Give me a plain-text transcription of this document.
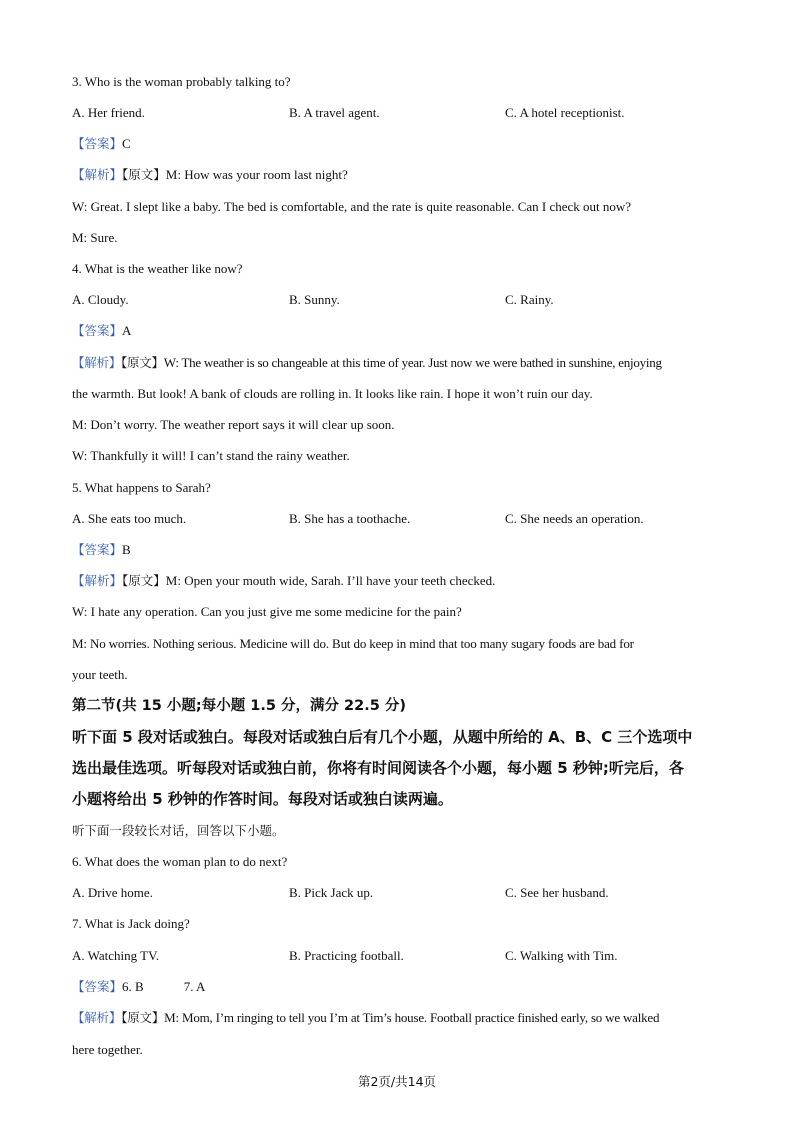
3. Who is the woman probably talking to?
A. Her friend.	B. A travel agent.	C. A hotel receptionist.
【答案】C
【解析】【原文】M: How was your room last night?
W: Great. I slept like a baby. The bed is comfortable, and the rate is quite reasonable. Can I check out now?
M: Sure.
4. What is the weather like now?
A. Cloudy.	B. Sunny.	C. Rainy.
【答案】A
【解析】【原文】W: The weather is so changeable at this time of year. Just now we were bathed in sunshine, enjoying
the warmth. But look! A bank of clouds are rolling in. It looks like rain. I hope it won’t ruin our day.
M: Don’t worry. The weather report says it will clear up soon.
W: Thankfully it will! I can’t stand the rainy weather.
5. What happens to Sarah?
A. She eats too much.	B. She has a toothache.	C. She needs an operation.
【答案】B
【解析】【原文】M: Open your mouth wide, Sarah. I’ll have your teeth checked.
W: I hate any operation. Can you just give me some medicine for the pain?
M: No worries. Nothing serious. Medicine will do. But do keep in mind that too many sugary foods are bad for
your teeth.
第二节(共 15 小题;每小题 1.5 分，满分 22.5 分)
听下面 5 段对话或独白。每段对话或独白后有几个小题，从题中所给的 A、B、C 三个选项中
选出最佳选项。听每段对话或独白前，你将有时间阅读各个小题，每小题 5 秒钟;听完后，各
小题将给出 5 秒钟的作答时间。每段对话或独白读两遍。
听下面一段较长对话，回答以下小题。
6. What does the woman plan to do next?
A. Drive home.	B. Pick Jack up.	C. See her husband.
7. What is Jack doing?
A. Watching TV.	B. Practicing football.	C. Walking with Tim.
【答案】6. B	7. A
【解析】【原文】M: Mom, I’m ringing to tell you I’m at Tim’s house. Football practice finished early, so we walked
here together.
第2页/共14页
